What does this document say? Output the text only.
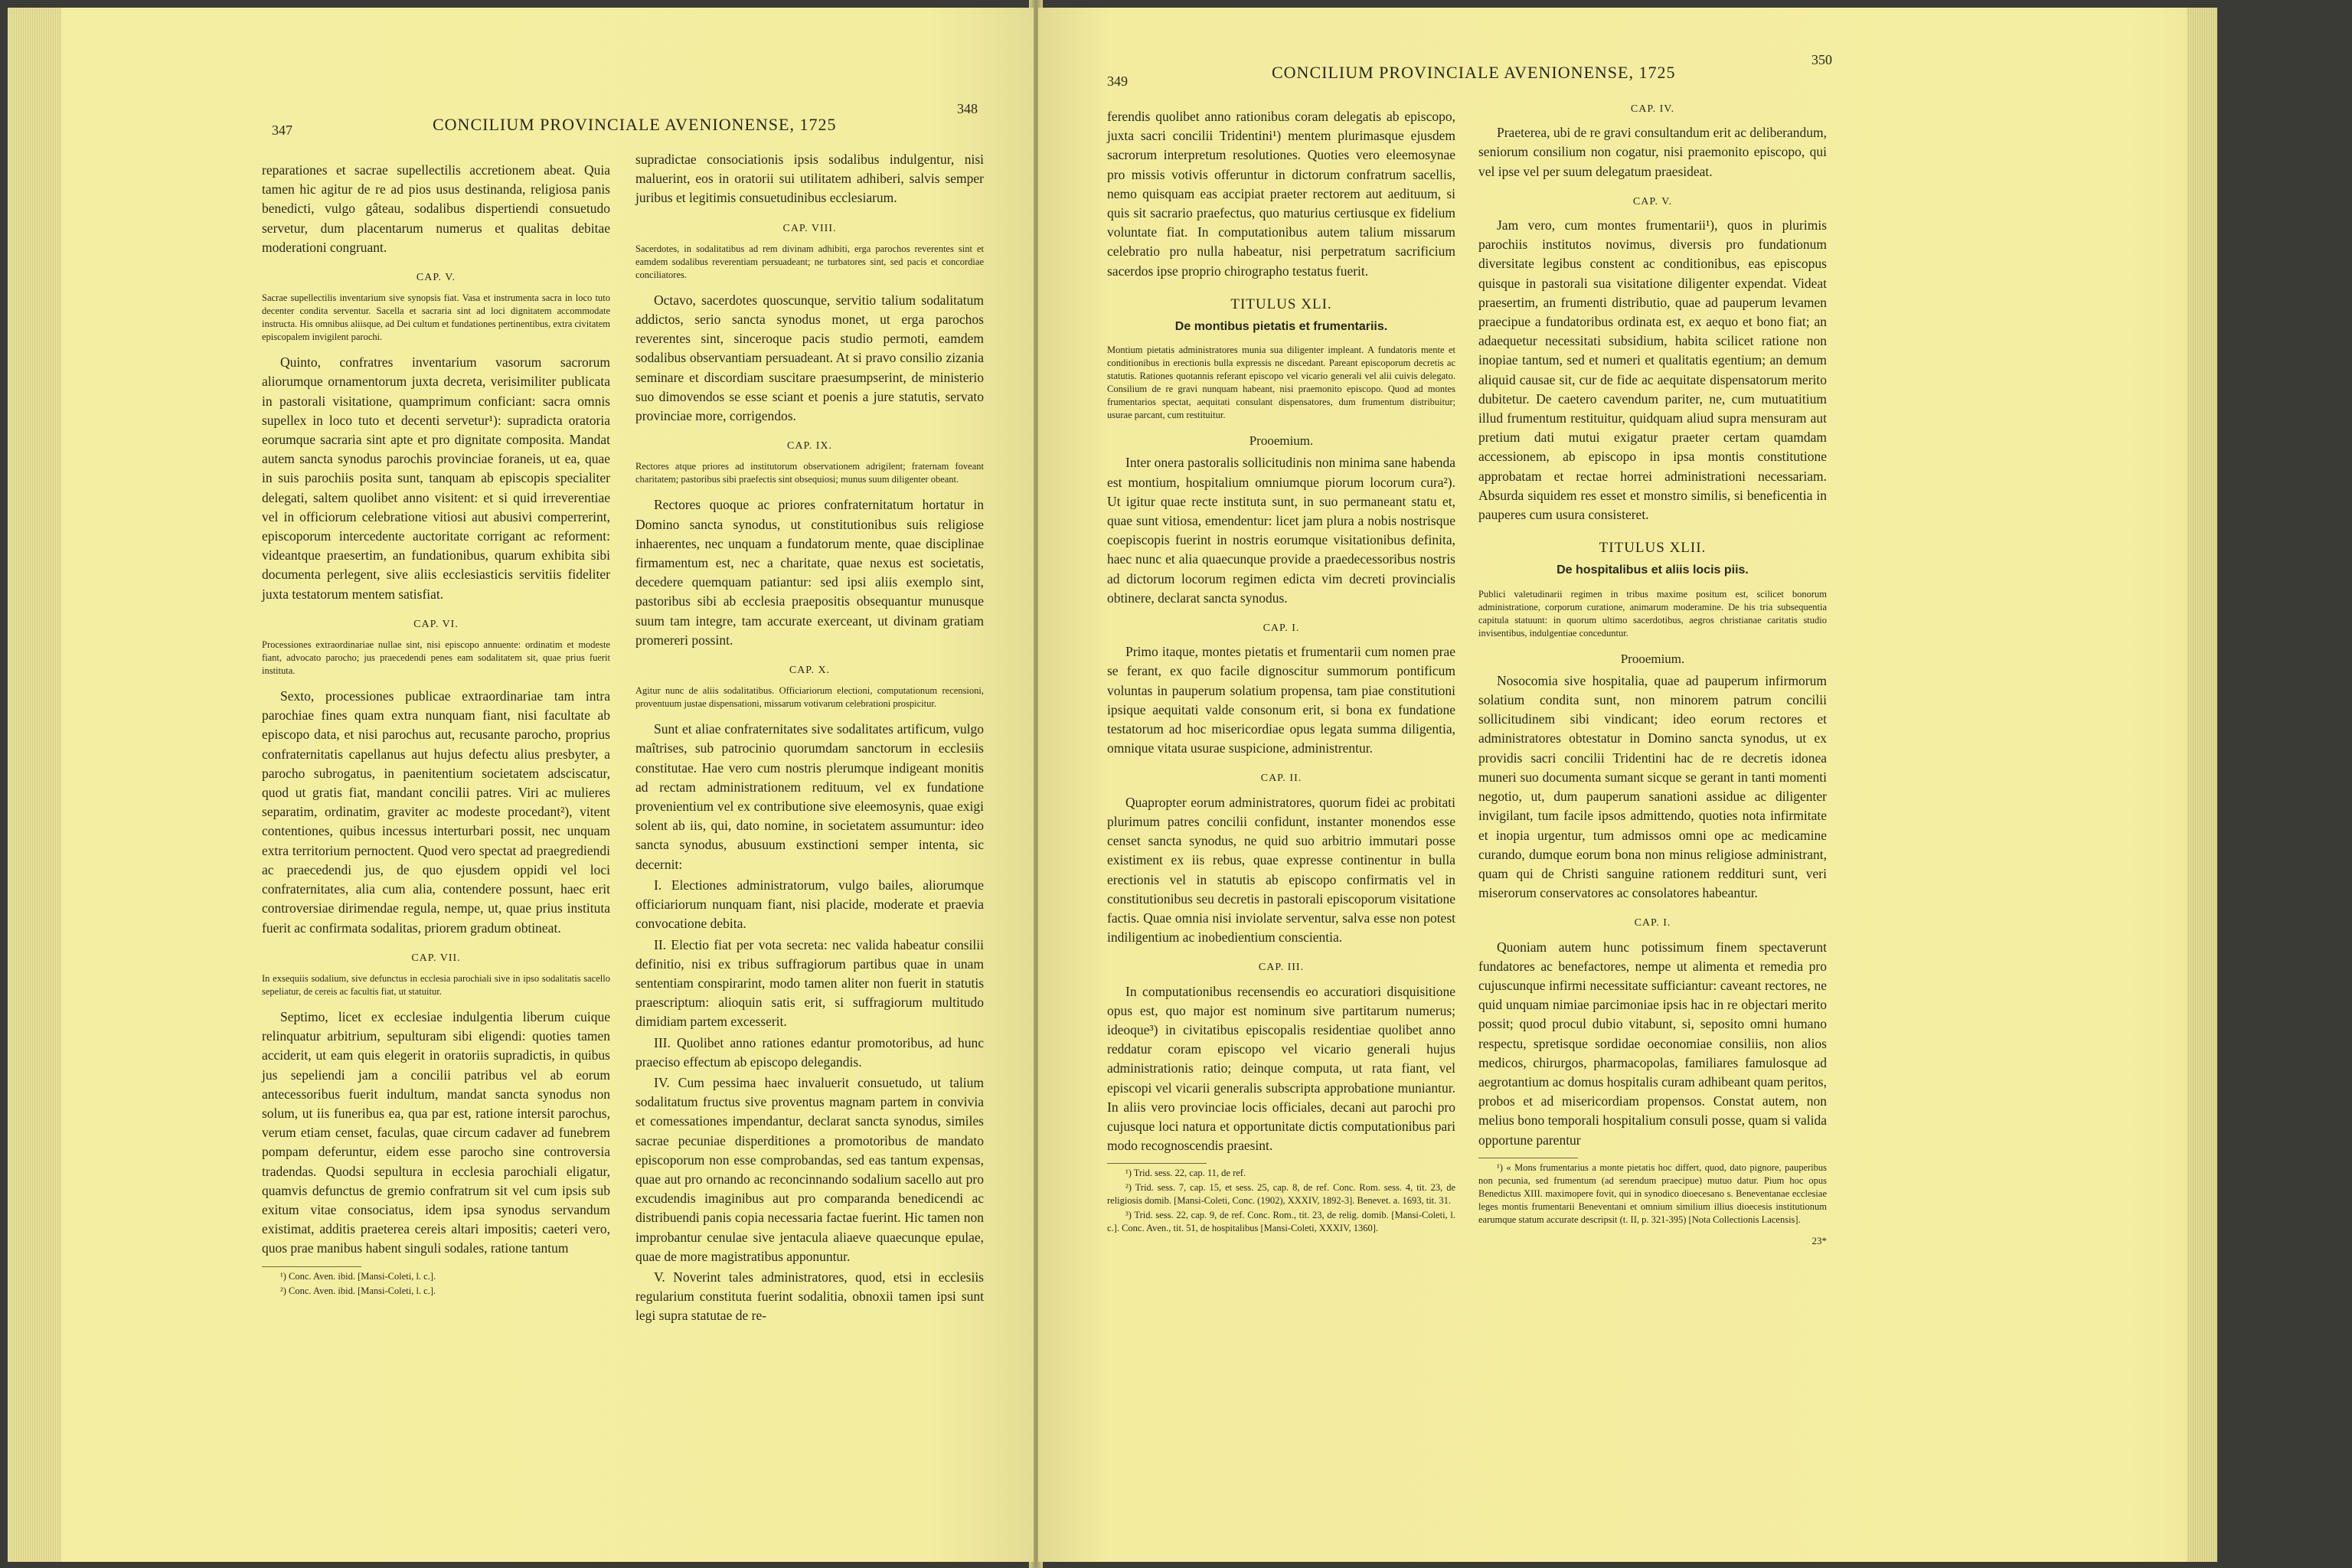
347	CONCILIUM PROVINCIALE AVENIONENSE, 1725
348

reparationes et sacrae supellectilis accretionem abeat. Quia tamen hic agitur de re ad pios usus destinanda, religiosa panis benedicti, vulgo gâteau, sodalibus dispertiendi consuetudo servetur, dum placentarum numerus et qualitas debitae moderationi congruant.

CAP. V.
Sacrae supellectilis inventarium sive synopsis fiat. Vasa et instrumenta sacra in loco tuto decenter condita serventur. Sacella et sacraria sint ad loci dignitatem accommodate instructa. His omnibus aliisque, ad Dei cultum et fundationes pertinentibus, extra civitatem episcopalem invigilent parochi.

Quinto, confratres inventarium vasorum sacrorum aliorumque ornamentorum juxta decreta, verisimiliter publicata in pastorali visitatione, quamprimum conficiant: sacra omnis supellex in loco tuto et decenti servetur¹): supradicta oratoria eorumque sacraria sint apte et pro dignitate composita. Mandat autem sancta synodus parochis provinciae foraneis, ut ea, quae in suis parochiis posita sunt, tanquam ab episcopis specialiter delegati, saltem quolibet anno visitent: et si quid irreverentiae vel in officiorum celebratione vitiosi aut abusivi comperrerint, episcoporum intercedente auctoritate corrigant ac reforment: videantque praesertim, an fundationibus, quarum exhibita sibi documenta perlegent, sive aliis ecclesiasticis servitiis fideliter juxta testatorum mentem satisfiat.

CAP. VI.
Processiones extraordinariae nullae sint, nisi episcopo annuente: ordinatim et modeste fiant, advocato parocho; jus praecedendi penes eam sodalitatem sit, quae prius fuerit instituta.

Sexto, processiones publicae extraordinariae tam intra parochiae fines quam extra nunquam fiant, nisi facultate ab episcopo data, et nisi parochus aut, recusante parocho, proprius confraternitatis capellanus aut hujus defectu alius presbyter, a parocho subrogatus, in paenitentium societatem adsciscatur, quod ut gratis fiat, mandant concilii patres. Viri ac mulieres separatim, ordinatim, graviter ac modeste procedant²), vitent contentiones, quibus incessus interturbari possit, nec unquam extra territorium pernoctent. Quod vero spectat ad praegrediendi ac praecedendi jus, de quo ejusdem oppidi vel loci confraternitates, alia cum alia, contendere possunt, haec erit controversiae dirimendae regula, nempe, ut, quae prius instituta fuerit ac confirmata sodalitas, priorem gradum obtineat.

CAP. VII.
In exsequiis sodalium, sive defunctus in ecclesia parochiali sive in ipso sodalitatis sacello sepeliatur, de cereis ac facultis fiat, ut statuitur.

Septimo, licet ex ecclesiae indulgentia liberum cuique relinquatur arbitrium, sepulturam sibi eligendi: quoties tamen acciderit, ut eam quis elegerit in oratoriis supradictis, in quibus jus sepeliendi jam a concilii patribus vel ab eorum antecessoribus fuerit indultum, mandat sancta synodus non solum, ut iis funeribus ea, qua par est, ratione intersit parochus, verum etiam censet, faculas, quae circum cadaver ad funebrem pompam deferuntur, eidem esse parocho sine controversia tradendas. Quodsi sepultura in ecclesia parochiali eligatur, quamvis defunctus de gremio confratrum sit vel cum ipsis sub exitum vitae consociatus, idem ipsa synodus servandum existimat, additis praeterea cereis altari impositis; caeteri vero, quos prae manibus habent singuli sodales, ratione tantum

¹) Conc. Aven. ibid. [Mansi-Coleti, l. c.].

²) Conc. Aven. ibid. [Mansi-Coleti, l. c.].

supradictae consociationis ipsis sodalibus indulgentur, nisi maluerint, eos in oratorii sui utilitatem adhiberi, salvis semper juribus et legitimis consuetudinibus ecclesiarum.

CAP. VIII.
Sacerdotes, in sodalitatibus ad rem divinam adhibiti, erga parochos reverentes sint et eamdem sodalibus reverentiam persuadeant; ne turbatores sint, sed pacis et concordiae conciliatores.

Octavo, sacerdotes quoscunque, servitio talium sodalitatum addictos, serio sancta synodus monet, ut erga parochos reverentes sint, sinceroque pacis studio permoti, eamdem sodalibus observantiam persuadeant. At si pravo consilio zizania seminare et discordiam suscitare praesumpserint, de ministerio suo dimovendos se esse sciant et poenis a jure statutis, servato provinciae more, corrigendos.

CAP. IX.
Rectores atque priores ad institutorum observationem adrigilent; fraternam foveant charitatem; pastoribus sibi praefectis sint obsequiosi; munus suum diligenter obeant.

Rectores quoque ac priores confraternitatum hortatur in Domino sancta synodus, ut constitutionibus suis religiose inhaerentes, nec unquam a fundatorum mente, quae disciplinae firmamentum est, nec a charitate, quae nexus est societatis, decedere quemquam patiantur: sed ipsi aliis exemplo sint, pastoribus sibi ab ecclesia praepositis obsequantur munusque suum tam integre, tam accurate exerceant, ut divinam gratiam promereri possint.

CAP. X.
Agitur nunc de aliis sodalitatibus. Officiariorum electioni, computationum recensioni, proventuum justae dispensationi, missarum votivarum celebrationi prospicitur.

Sunt et aliae confraternitates sive sodalitates artificum, vulgo maîtrises, sub patrocinio quorumdam sanctorum in ecclesiis constitutae. Hae vero cum nostris plerumque indigeant monitis ad rectam administrationem redituum, vel ex fundatione provenientium vel ex contributione sive eleemosynis, quae exigi solent ab iis, qui, dato nomine, in societatem assumuntur: ideo sancta synodus, abusuum exstinctioni semper intenta, sic decernit:

I. Electiones administratorum, vulgo bailes, aliorumque officiariorum nunquam fiant, nisi placide, moderate et praevia convocatione debita.

II. Electio fiat per vota secreta: nec valida habeatur consilii definitio, nisi ex tribus suffragiorum partibus quae in unam sententiam conspirarint, modo tamen aliter non fuerit in statutis praescriptum: alioquin satis erit, si suffragiorum multitudo dimidiam partem excesserit.

III. Quolibet anno rationes edantur promotoribus, ad hunc praeciso effectum ab episcopo delegandis.

IV. Cum pessima haec invaluerit consuetudo, ut talium sodalitatum fructus sive proventus magnam partem in convivia et comessationes impendantur, declarat sancta synodus, similes sacrae pecuniae disperditiones a promotoribus de mandato episcoporum non esse comprobandas, sed eas tantum expensas, quae aut pro ornando ac reconcinnando sodalium sacello aut pro excudendis imaginibus aut pro comparanda benedicendi ac distribuendi panis copia necessaria factae fuerint. Hic tamen non improbantur cenulae sive jentacula aliaeve quaecunque epulae, quae de more magistratibus apponuntur.

V. Noverint tales administratores, quod, etsi in ecclesiis regularium constituta fuerint sodalitia, obnoxii tamen ipsi sunt legi supra statutae de re-

349	CONCILIUM PROVINCIALE AVENIONENSE, 1725
350

ferendis quolibet anno rationibus coram delegatis ab episcopo, juxta sacri concilii Tridentini¹) mentem plurimasque ejusdem sacrorum interpretum resolutiones. Quoties vero eleemosynae pro missis votivis offeruntur in dictorum confratrum sacellis, nemo quisquam eas accipiat praeter rectorem aut aedituum, si quis sit sacrario praefectus, quo maturius certiusque ex fidelium voluntate fiat. In computationibus autem talium missarum celebratio pro nulla habeatur, nisi perpetratum sacrificium sacerdos ipse proprio chirographo testatus fuerit.

TITULUS XLI.
De montibus pietatis et frumentariis.
Montium pietatis administratores munia sua diligenter impleant. A fundatoris mente et conditionibus in erectionis bulla expressis ne discedant. Pareant episcoporum decretis ac statutis. Rationes quotannis referant episcopo vel vicario generali vel alii cuivis delegato. Consilium de re gravi nunquam habeant, nisi praemonito episcopo. Quod ad montes frumentarios spectat, aequitati consulant dispensatores, dum frumentum distribuitur; usurae parcant, cum restituitur.
Prooemium.

Inter onera pastoralis sollicitudinis non minima sane habenda est montium, hospitalium omniumque piorum locorum cura²). Ut igitur quae recte instituta sunt, in suo permaneant statu et, quae sunt vitiosa, emendentur: licet jam plura a nobis nostrisque coepiscopis fuerint in nostris eorumque visitationibus definita, haec nunc et alia quaecunque provide a praedecessoribus nostris ad dictorum locorum regimen edicta vim decreti provincialis obtinere, declarat sancta synodus.

CAP. I.

Primo itaque, montes pietatis et frumentarii cum nomen prae se ferant, ex quo facile dignoscitur summorum pontificum voluntas in pauperum solatium propensa, tam piae constitutioni ipsique aequitati valde consonum erit, si bona ex fundatione testatorum ad hoc misericordiae opus legata summa diligentia, omnique vitata usurae suspicione, administrentur.

CAP. II.

Quapropter eorum administratores, quorum fidei ac probitati plurimum patres concilii confidunt, instanter monendos esse censet sancta synodus, ne quid suo arbitrio immutari posse existiment ex iis rebus, quae expresse continentur in bulla erectionis vel in statutis ab episcopo confirmatis vel in constitutionibus seu decretis in pastorali episcoporum visitatione factis. Quae omnia nisi inviolate serventur, salva esse non potest indiligentium ac inobedientium conscientia.

CAP. III.

In computationibus recensendis eo accuratiori disquisitione opus est, quo major est nominum sive partitarum numerus; ideoque³) in civitatibus episcopalis residentiae quolibet anno reddatur coram episcopo vel vicario generali hujus administrationis ratio; deinque computa, ut rata fiant, vel episcopi vel vicarii generalis subscripta approbatione muniantur. In aliis vero provinciae locis officiales, decani aut parochi pro cujusque loci natura et opportunitate dictis computationibus pari modo recognoscendis praesint.

¹) Trid. sess. 22, cap. 11, de ref.

²) Trid. sess. 7, cap. 15, et sess. 25, cap. 8, de ref. Conc. Rom. sess. 4, tit. 23, de religiosis domib. [Mansi-Coleti, Conc. (1902), XXXIV, 1892-3]. Benevet. a. 1693, tit. 31.

³) Trid. sess. 22, cap. 9, de ref. Conc. Rom., tit. 23, de relig. domib. [Mansi-Coleti, l. c.]. Conc. Aven., tit. 51, de hospitalibus [Mansi-Coleti, XXXIV, 1360].

CAP. IV.

Praeterea, ubi de re gravi consultandum erit ac deliberandum, seniorum consilium non cogatur, nisi praemonito episcopo, qui vel ipse vel per suum delegatum praesideat.

CAP. V.

Jam vero, cum montes frumentarii¹), quos in plurimis parochiis institutos novimus, diversis pro fundationum diversitate legibus constent ac conditionibus, eas episcopus quisque in pastorali sua visitatione diligenter expendat. Videat praesertim, an frumenti distributio, quae ad pauperum levamen praecipue a fundatoribus ordinata est, ex aequo et bono fiat; an adaequetur necessitati subsidium, habita scilicet ratione non inopiae tantum, sed et numeri et qualitatis egentium; an demum aliquid causae sit, cur de fide ac aequitate dispensatorum merito dubitetur. De caetero cavendum pariter, ne, cum mutuatitium illud frumentum restituitur, quidquam aliud supra mensuram aut pretium dati mutui exigatur praeter certam quamdam accessionem, ab episcopo in ipsa montis constitutione approbatam et rectae horrei administrationi necessariam. Absurda siquidem res esset et monstro similis, si beneficentia in pauperes cum usura consisteret.

TITULUS XLII.
De hospitalibus et aliis locis piis.
Publici valetudinarii regimen in tribus maxime positum est, scilicet bonorum administratione, corporum curatione, animarum moderamine. De his tria subsequentia capitula statuunt: in quorum ultimo sacerdotibus, aegros christianae caritatis studio invisentibus, indulgentiae conceduntur.
Prooemium.

Nosocomia sive hospitalia, quae ad pauperum infirmorum solatium condita sunt, non minorem patrum concilii sollicitudinem sibi vindicant; ideo eorum rectores et administratores obtestatur in Domino sancta synodus, ut ex providis sacri concilii Tridentini hac de re decretis idonea muneri suo documenta sumant sicque se gerant in tanti momenti negotio, ut, dum pauperum sanationi assidue ac diligenter invigilant, tum facile ipsos admittendo, quoties nota infirmitate et inopia urgentur, tum admissos omni ope ac medicamine curando, dumque eorum bona non minus religiose administrant, quam qui de Christi sanguine rationem reddituri sunt, veri miserorum conservatores ac consolatores habeantur.

CAP. I.

Quoniam autem hunc potissimum finem spectaverunt fundatores ac benefactores, nempe ut alimenta et remedia pro cujuscunque infirmi necessitate sufficiantur: caveant rectores, ne quid unquam nimiae parcimoniae ipsis hac in re objectari merito possit; quod procul dubio vitabunt, si, seposito omni humano respectu, spretisque sordidae oeconomiae consiliis, non alios medicos, chirurgos, pharmacopolas, familiares famulosque ad aegrotantium ac domus hospitalis curam adhibeant quam peritos, probos et ad misericordiam propensos. Constat autem, non melius bono temporali hospitalium consuli posse, quam si valida opportune parentur

¹) « Mons frumentarius a monte pietatis hoc differt, quod, dato pignore, pauperibus non pecunia, sed frumentum (ad serendum praecipue) mutuo datur. Pium hoc opus Benedictus XIII. maximopere fovit, qui in synodico dioecesano s. Beneventanae ecclesiae leges montis frumentarii Beneventani et omnium similium illius dioecesis institutionum earumque statum accurate descripsit (t. II, p. 321-395) [Nota Collectionis Lacensis].

23*
